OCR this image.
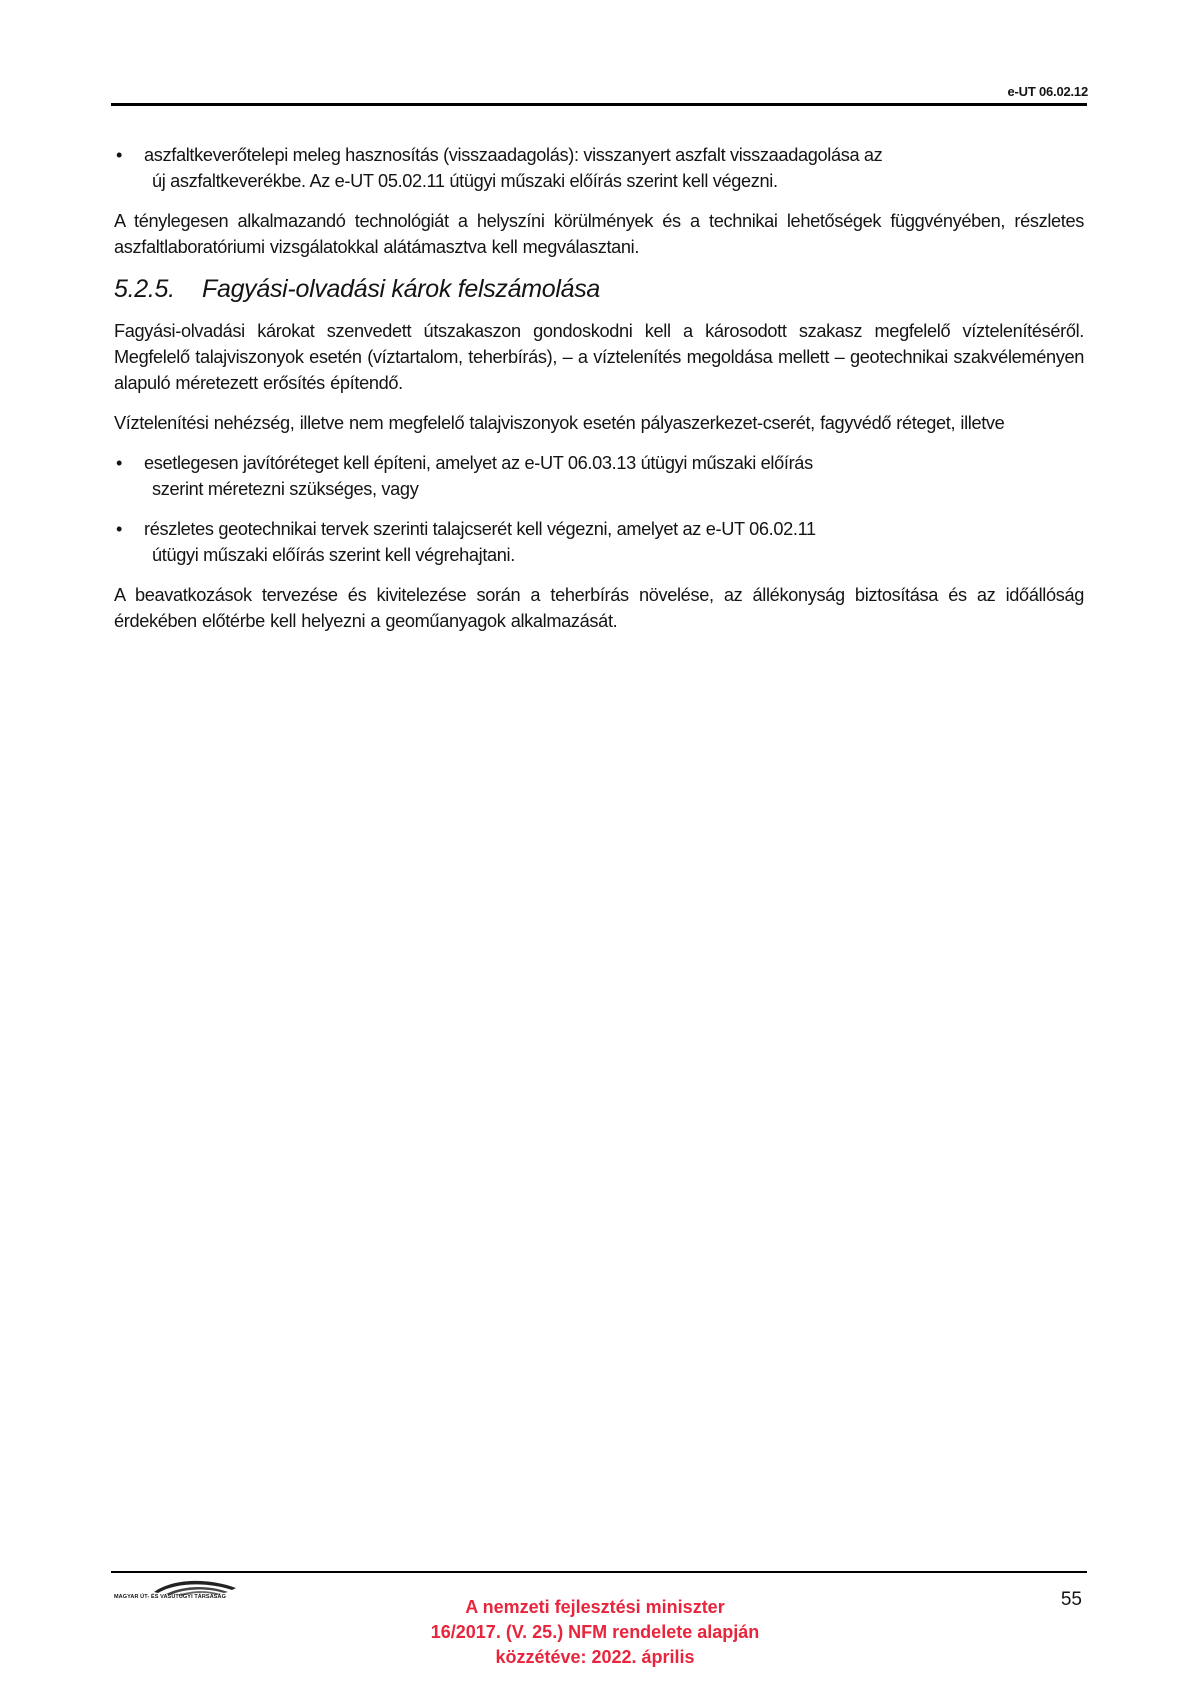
e-UT 06.02.12
• aszfaltkeverőtelepi meleg hasznosítás (visszaadagolás): visszanyert aszfalt visszaadagolása az
új aszfaltkeverékbe. Az e-UT 05.02.11 útügyi műszaki előírás szerint kell végezni.

A ténylegesen alkalmazandó technológiát a helyszíni körülmények és a technikai lehetőségek függvényében, részletes aszfaltlaboratóriumi vizsgálatokkal alátámasztva kell megválasztani.

5.2.5. Fagyási-olvadási károk felszámolása

Fagyási-olvadási károkat szenvedett útszakaszon gondoskodni kell a károsodott szakasz megfelelő víztelenítéséről. Megfelelő talajviszonyok esetén (víztartalom, teherbírás), – a víztelenítés megoldása mellett – geotechnikai szakvéleményen alapuló méretezett erősítés építendő.

Víztelenítési nehézség, illetve nem megfelelő talajviszonyok esetén pályaszerkezet-cserét, fagyvédő réteget, illetve

• esetlegesen javítóréteget kell építeni, amelyet az e-UT 06.03.13 útügyi műszaki előírás
szerint méretezni szükséges, vagy
• részletes geotechnikai tervek szerinti talajcserét kell végezni, amelyet az e-UT 06.02.11
útügyi műszaki előírás szerint kell végrehajtani.

A beavatkozások tervezése és kivitelezése során a teherbírás növelése, az állékonyság biztosítása és az időállóság érdekében előtérbe kell helyezni a geoműanyagok alkalmazását.

MAGYAR ÚT- ÉS VASÚTÜGYI TÁRSASÁG	55
A nemzeti fejlesztési miniszter
16/2017. (V. 25.) NFM rendelete alapján
közzétéve: 2022. április
